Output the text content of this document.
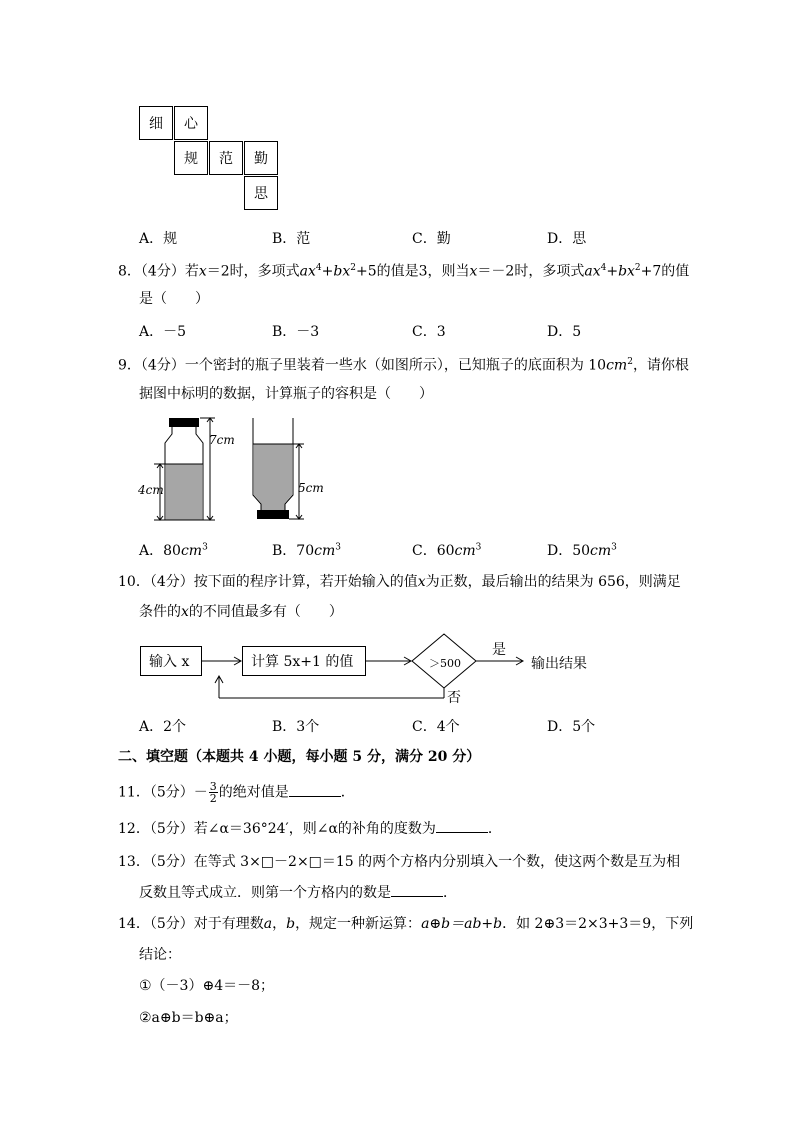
细	心
规	范	勤
思
A．规	B．范	C．勤	D．思
8．（4分）若x＝2时，多项式$ax^4+bx^2+5$的值是3，则当x＝－2时，多项式$ax^4+bx^2+7$的值
是（　　）
A．－5	B．－3	C．3	D．5
9．（4分）一个密封的瓶子里装着一些水（如图所示），已知瓶子的底面积为 $10cm^2$，请你根
据图中标明的数据，计算瓶子的容积是（　　）
4cm
7cm
5cm
A．$80cm^3$	B．$70cm^3$	C．$60cm^3$	D．$50cm^3$
10．（4分）按下面的程序计算，若开始输入的值x为正数，最后输出的结果为 656，则满足
条件的x的不同值最多有（　　）
输入 x	计算 5x+1 的值	＞500
是
否
输出结果
A．2个	B．3个	C．4个	D．5个
二、填空题（本题共 4 小题，每小题 5 分，满分 20 分）
11．（5分）－ $\frac{3}{2}$ 的绝对值是	．
12．（5分）若∠α＝36°24′，则∠α的补角的度数为	．
13．（5分）在等式 3×□－2×□＝15 的两个方格内分别填入一个数，使这两个数是互为相
反数且等式成立．则第一个方格内的数是	．
14．（5分）对于有理数a，b，规定一种新运算：a⊕b＝ab+b．如 2⊕3＝2×3+3＝9，下列
结论：
①（－3）⊕4＝－8；
②a⊕b＝b⊕a；
